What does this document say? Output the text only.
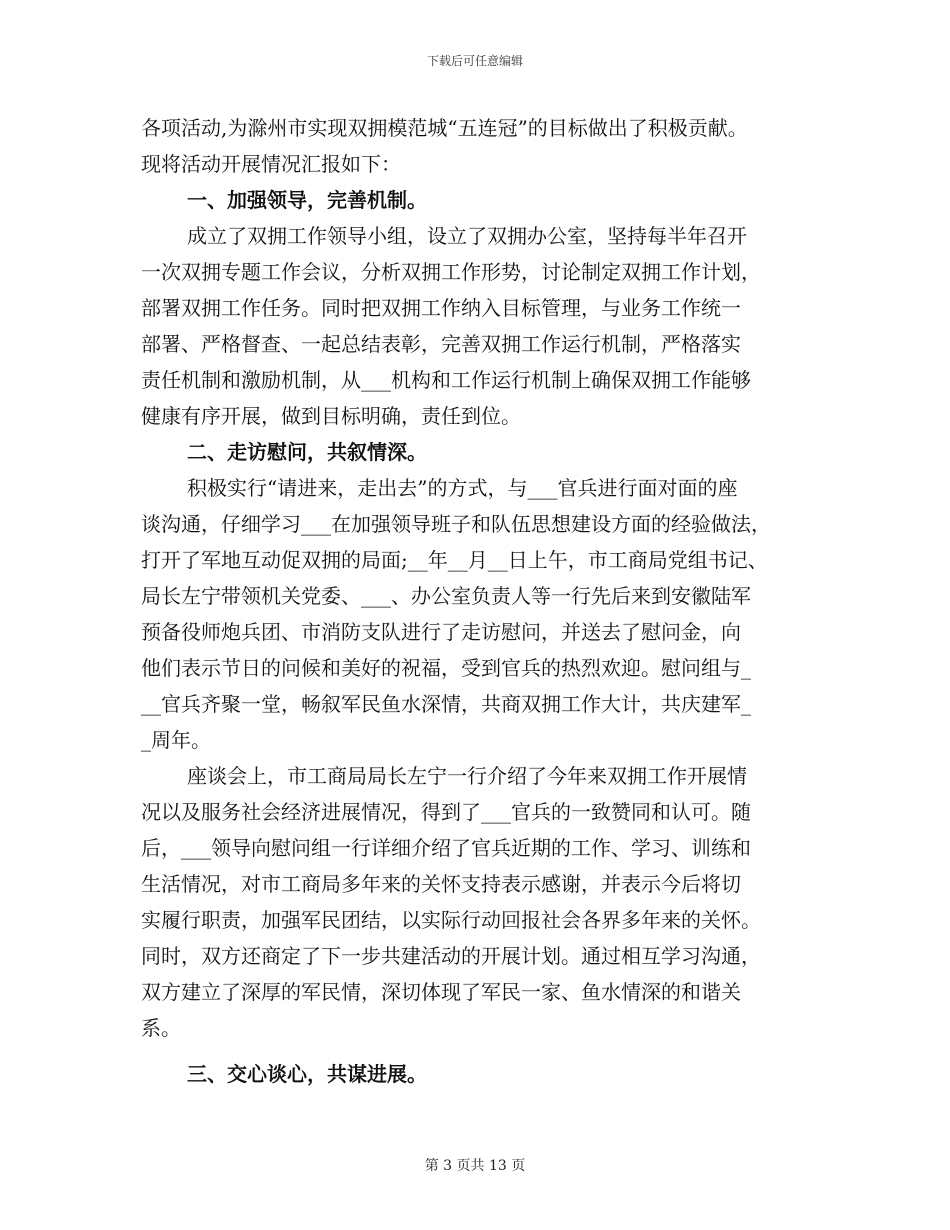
下载后可任意编辑
各项活动,为滁州市实现双拥模范城“五连冠”的目标做出了积极贡献。
现将活动开展情况汇报如下：
一、加强领导，完善机制。
成立了双拥工作领导小组，设立了双拥办公室，坚持每半年召开
一次双拥专题工作会议，分析双拥工作形势，讨论制定双拥工作计划，
部署双拥工作任务。同时把双拥工作纳入目标管理，与业务工作统一
部署、严格督查、一起总结表彰，完善双拥工作运行机制，严格落实
责任机制和激励机制，从___机构和工作运行机制上确保双拥工作能够
健康有序开展，做到目标明确，责任到位。
二、走访慰问，共叙情深。
积极实行“请进来，走出去”的方式，与___官兵进行面对面的座
谈沟通，仔细学习___在加强领导班子和队伍思想建设方面的经验做法，
打开了军地互动促双拥的局面;__年__月__日上午，市工商局党组书记、
局长左宁带领机关党委、___、办公室负责人等一行先后来到安徽陆军
预备役师炮兵团、市消防支队进行了走访慰问，并送去了慰问金，向
他们表示节日的问候和美好的祝福，受到官兵的热烈欢迎。慰问组与_
__官兵齐聚一堂，畅叙军民鱼水深情，共商双拥工作大计，共庆建军_
_周年。
座谈会上，市工商局局长左宁一行介绍了今年来双拥工作开展情
况以及服务社会经济进展情况，得到了___官兵的一致赞同和认可。随
后，___领导向慰问组一行详细介绍了官兵近期的工作、学习、训练和
生活情况，对市工商局多年来的关怀支持表示感谢，并表示今后将切
实履行职责，加强军民团结，以实际行动回报社会各界多年来的关怀。
同时，双方还商定了下一步共建活动的开展计划。通过相互学习沟通，
双方建立了深厚的军民情，深切体现了军民一家、鱼水情深的和谐关
系。
三、交心谈心，共谋进展。
第 3 页共 13 页
